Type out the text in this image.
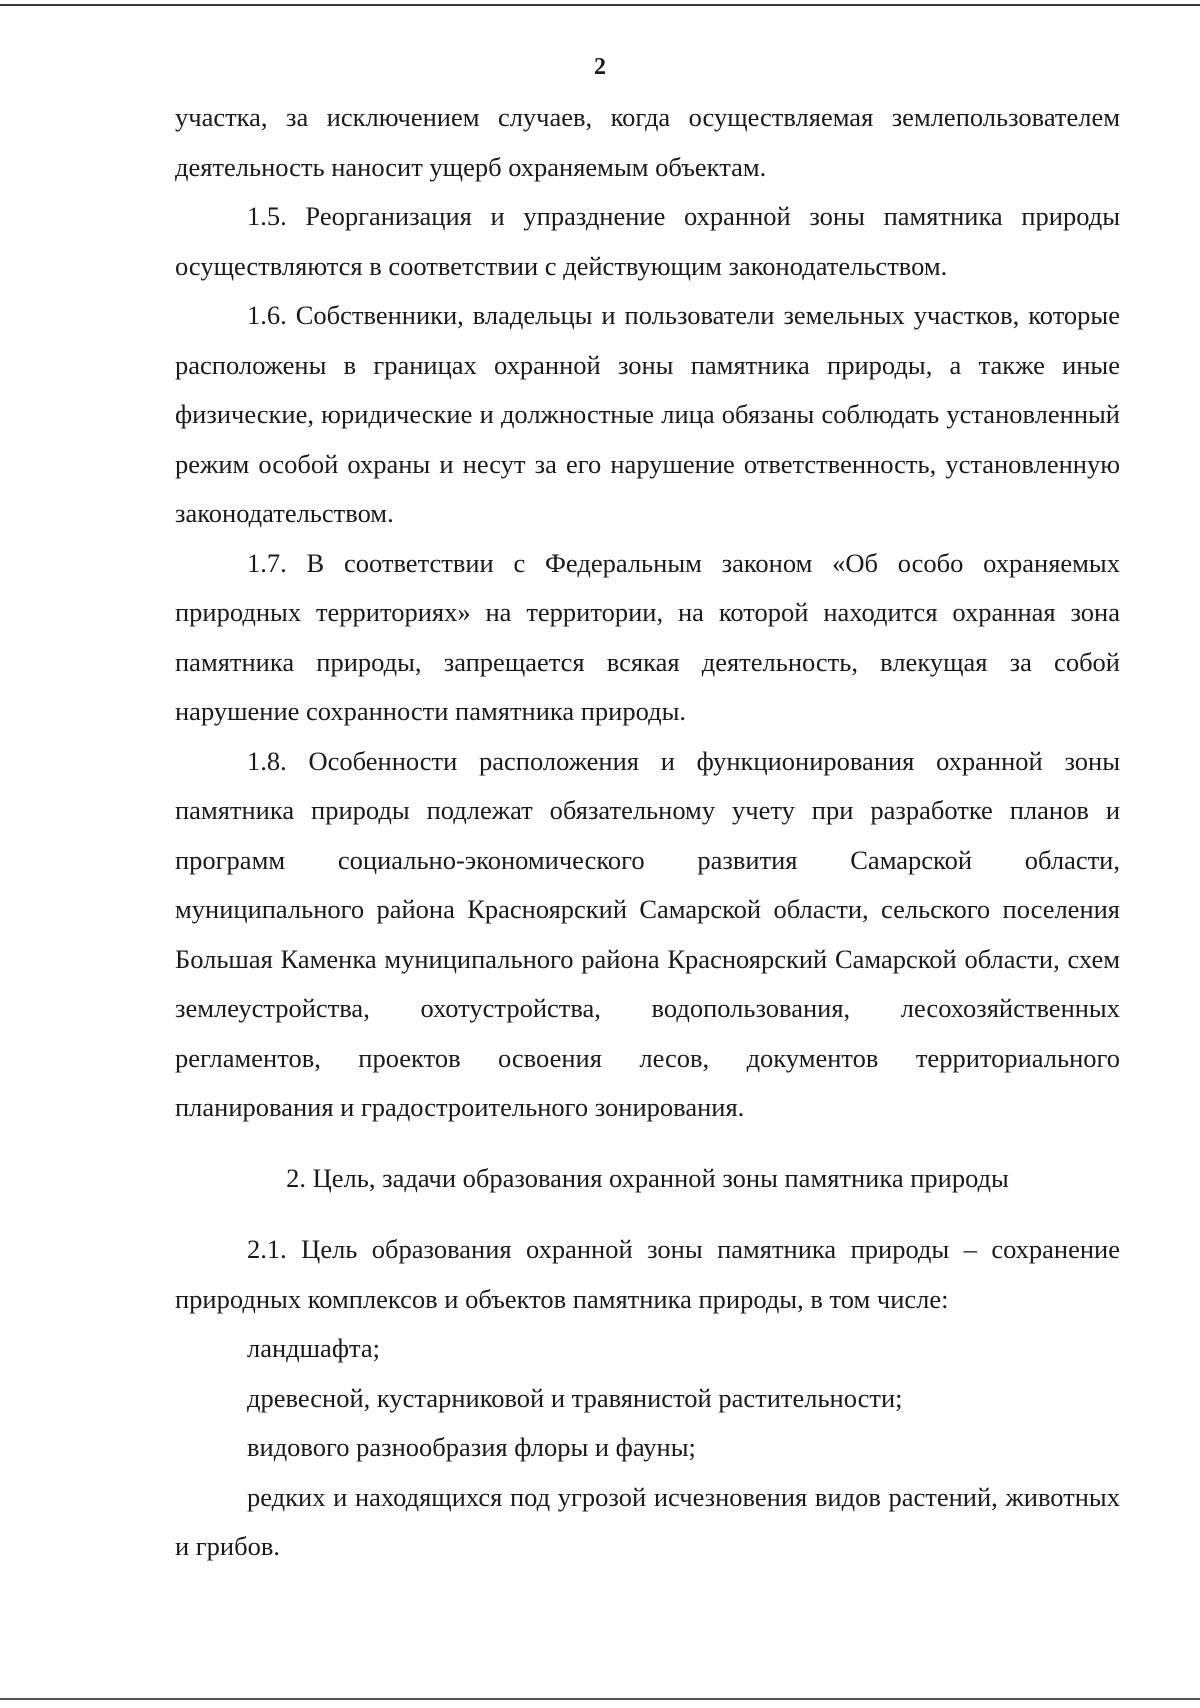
2

участка, за исключением случаев, когда осуществляемая землепользователем деятельность наносит ущерб охраняемым объектам.

1.5. Реорганизация и упразднение охранной зоны памятника природы осуществляются в соответствии с действующим законодательством.

1.6. Собственники, владельцы и пользователи земельных участков, которые расположены в границах охранной зоны памятника природы, а также иные физические, юридические и должностные лица обязаны соблюдать установленный режим особой охраны и несут за его нарушение ответственность, установленную законодательством.

1.7. В соответствии с Федеральным законом «Об особо охраняемых природных территориях» на территории, на которой находится охранная зона памятника природы, запрещается всякая деятельность, влекущая за собой нарушение сохранности памятника природы.

1.8. Особенности расположения и функционирования охранной зоны памятника природы подлежат обязательному учету при разработке планов и программ социально-экономического развития Самарской области, муниципального района Красноярский Самарской области, сельского поселения Большая Каменка муниципального района Красноярский Самарской области, схем землеустройства, охотустройства, водопользования, лесохозяйственных регламентов, проектов освоения лесов, документов территориального планирования и градостроительного зонирования.

2. Цель, задачи образования охранной зоны памятника природы

2.1. Цель образования охранной зоны памятника природы – сохранение природных комплексов и объектов памятника природы, в том числе:

ландшафта;

древесной, кустарниковой и травянистой растительности;

видового разнообразия флоры и фауны;

редких и находящихся под угрозой исчезновения видов растений, животных и грибов.
